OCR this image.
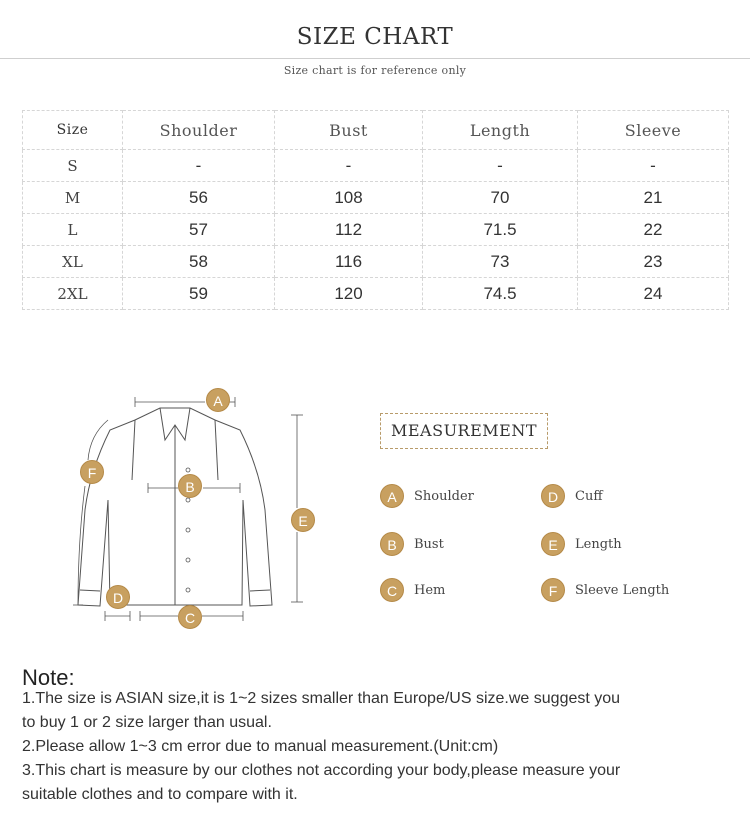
SIZE CHART
Size chart is for reference only
Size	Shoulder	Bust	Length	Sleeve
S	-	-	-	-
M	56	108	70	21
L	57	112	71.5	22
XL	58	116	73	23
2XL	59	120	74.5	24
A
B
C
D
E
F
MEASUREMENT
A	Shoulder
B	Bust
C	Hem
D	Cuff
E	Length
F	Sleeve Length
Note:
1.The size is ASIAN size,it is 1~2 sizes smaller than Europe/US size.we suggest you
to buy 1 or 2 size larger than usual.
2.Please allow 1~3 cm error due to manual measurement.(Unit:cm)
3.This chart is measure by our clothes not according your body,please measure your
suitable clothes and to compare with it.
